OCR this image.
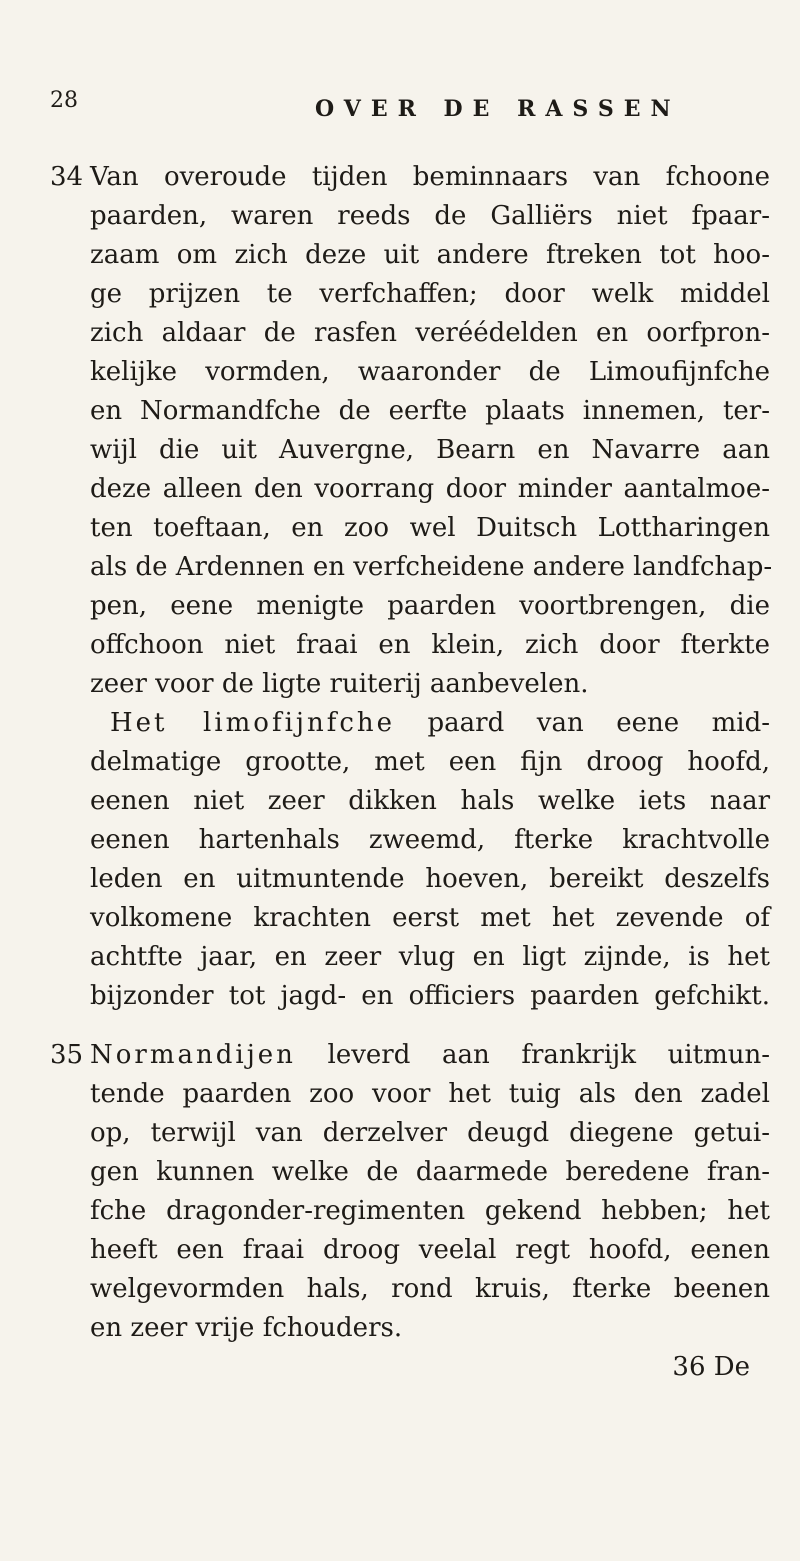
28	OVER DE RASSEN
34 Van overoude tijden beminnaars van fchoone
paarden, waren reeds de Galliërs niet fpaar-
zaam om zich deze uit andere ftreken tot hoo-
ge prijzen te verfchaffen; door welk middel
zich aldaar de rasfen veréédelden en oorfpron-
kelijke vormden, waaronder de Limoufijnfche
en Normandfche de eerfte plaats innemen, ter-
wijl die uit Auvergne, Bearn en Navarre aan
deze alleen den voorrang door minder aantalmoe-
ten toeftaan, en zoo wel Duitsch Lottharingen
als de Ardennen en verfcheidene andere landfchap-
pen, eene menigte paarden voortbrengen, die
offchoon niet fraai en klein, zich door fterkte
zeer voor de ligte ruiterij aanbevelen.
Het limofijnfche paard van eene mid-
delmatige grootte, met een fijn droog hoofd,
eenen niet zeer dikken hals welke iets naar
eenen hartenhals zweemd, fterke krachtvolle
leden en uitmuntende hoeven, bereikt deszelfs
volkomene krachten eerst met het zevende of
achtfte jaar, en zeer vlug en ligt zijnde, is het
bijzonder tot jagd- en officiers paarden gefchikt.
35 Normandijen leverd aan frankrijk uitmun-
tende paarden zoo voor het tuig als den zadel
op, terwijl van derzelver deugd diegene getui-
gen kunnen welke de daarmede beredene fran-
fche dragonder-regimenten gekend hebben; het
heeft een fraai droog veelal regt hoofd, eenen
welgevormden hals, rond kruis, fterke beenen
en zeer vrije fchouders.
36 De
